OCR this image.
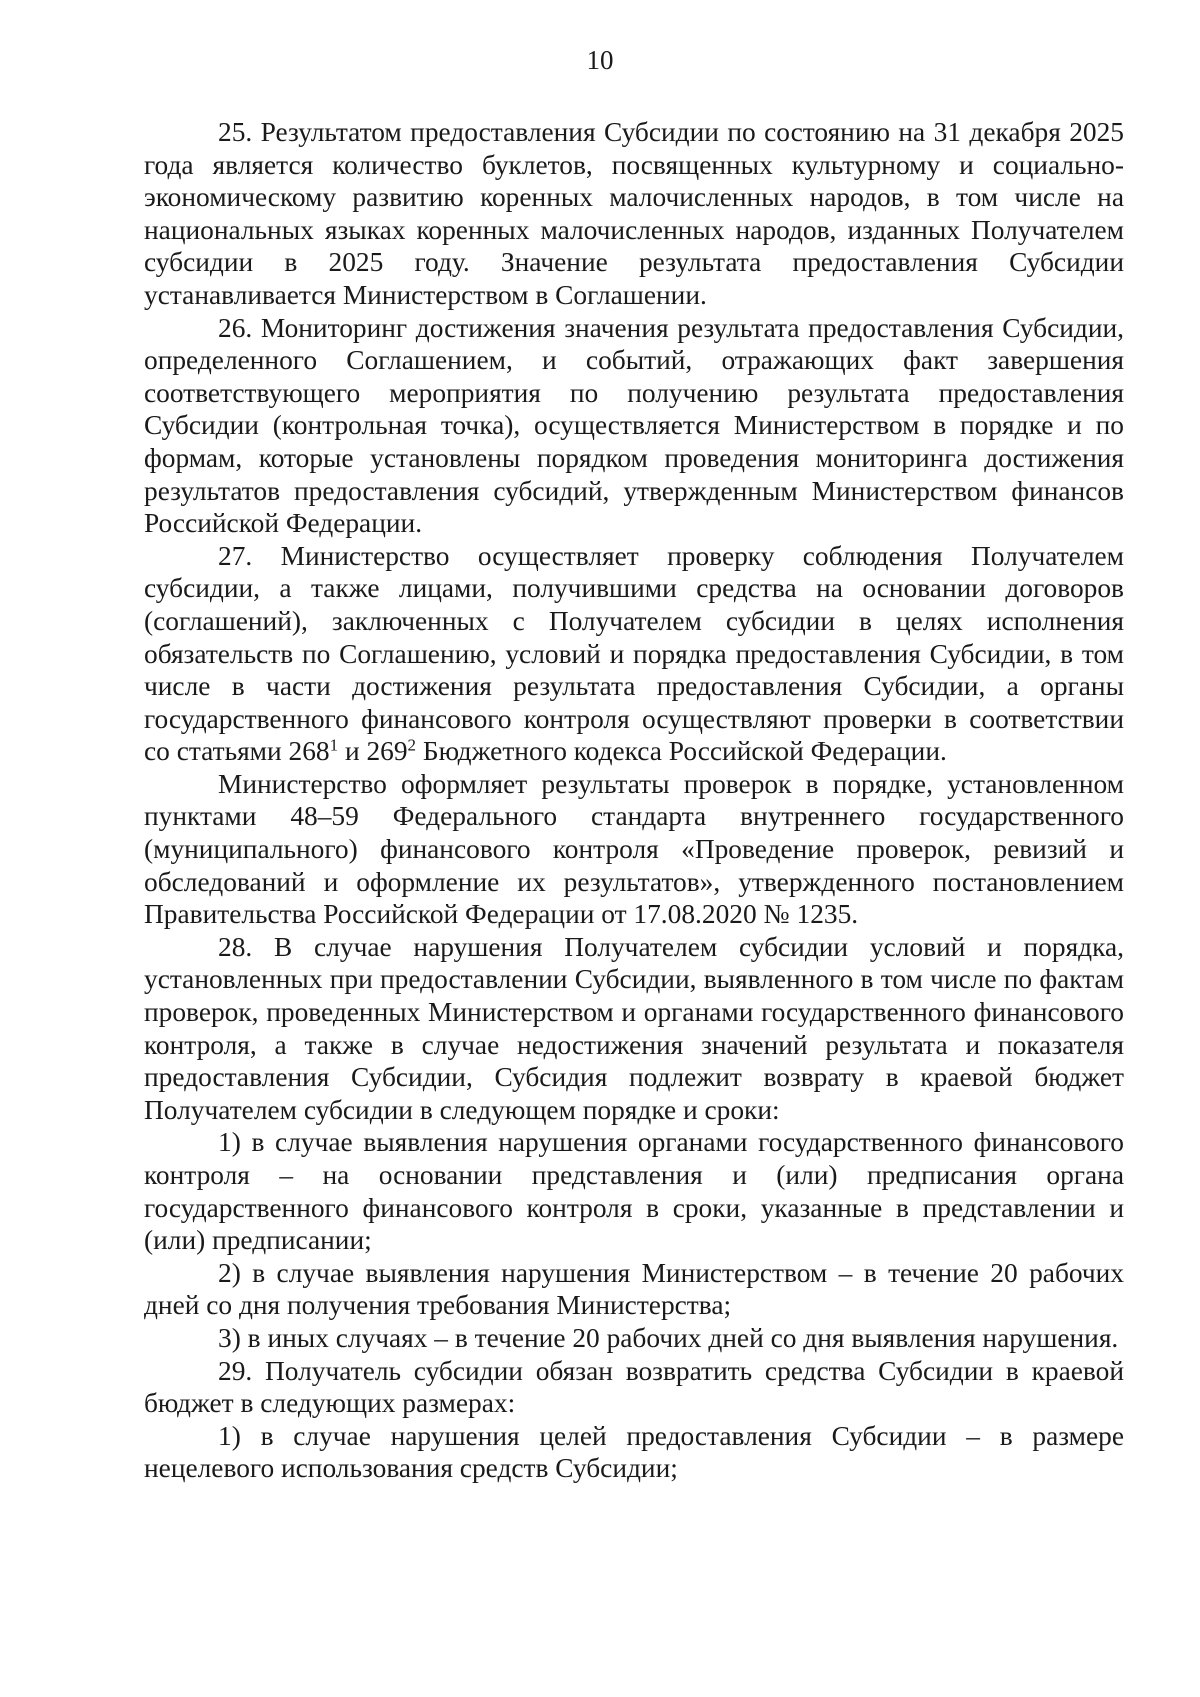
10

25. Результатом предоставления Субсидии по состоянию на 31 декабря 2025 года является количество буклетов, посвященных культурному и социально-экономическому развитию коренных малочисленных народов, в том числе на национальных языках коренных малочисленных народов, изданных Получателем субсидии в 2025 году. Значение результата предоставления Субсидии устанавливается Министерством в Соглашении.

26. Мониторинг достижения значения результата предоставления Субсидии, определенного Соглашением, и событий, отражающих факт завершения соответствующего мероприятия по получению результата предоставления Субсидии (контрольная точка), осуществляется Министерством в порядке и по формам, которые установлены порядком проведения мониторинга достижения результатов предоставления субсидий, утвержденным Министерством финансов Российской Федерации.

27. Министерство осуществляет проверку соблюдения Получателем субсидии, а также лицами, получившими средства на основании договоров (соглашений), заключенных с Получателем субсидии в целях исполнения обязательств по Соглашению, условий и порядка предоставления Субсидии, в том числе в части достижения результата предоставления Субсидии, а органы государственного финансового контроля осуществляют проверки в соответствии со статьями $268^1$ и $269^2$ Бюджетного кодекса Российской Федерации.

Министерство оформляет результаты проверок в порядке, установленном пунктами 48–59 Федерального стандарта внутреннего государственного (муниципального) финансового контроля «Проведение проверок, ревизий и обследований и оформление их результатов», утвержденного постановлением Правительства Российской Федерации от 17.08.2020 № 1235.

28. В случае нарушения Получателем субсидии условий и порядка, установленных при предоставлении Субсидии, выявленного в том числе по фактам проверок, проведенных Министерством и органами государственного финансового контроля, а также в случае недостижения значений результата и показателя предоставления Субсидии, Субсидия подлежит возврату в краевой бюджет Получателем субсидии в следующем порядке и сроки:

1) в случае выявления нарушения органами государственного финансового контроля – на основании представления и (или) предписания органа государственного финансового контроля в сроки, указанные в представлении и (или) предписании;

2) в случае выявления нарушения Министерством – в течение 20 рабочих дней со дня получения требования Министерства;

3) в иных случаях – в течение 20 рабочих дней со дня выявления нарушения.

29. Получатель субсидии обязан возвратить средства Субсидии в краевой бюджет в следующих размерах:

1) в случае нарушения целей предоставления Субсидии – в размере нецелевого использования средств Субсидии;
